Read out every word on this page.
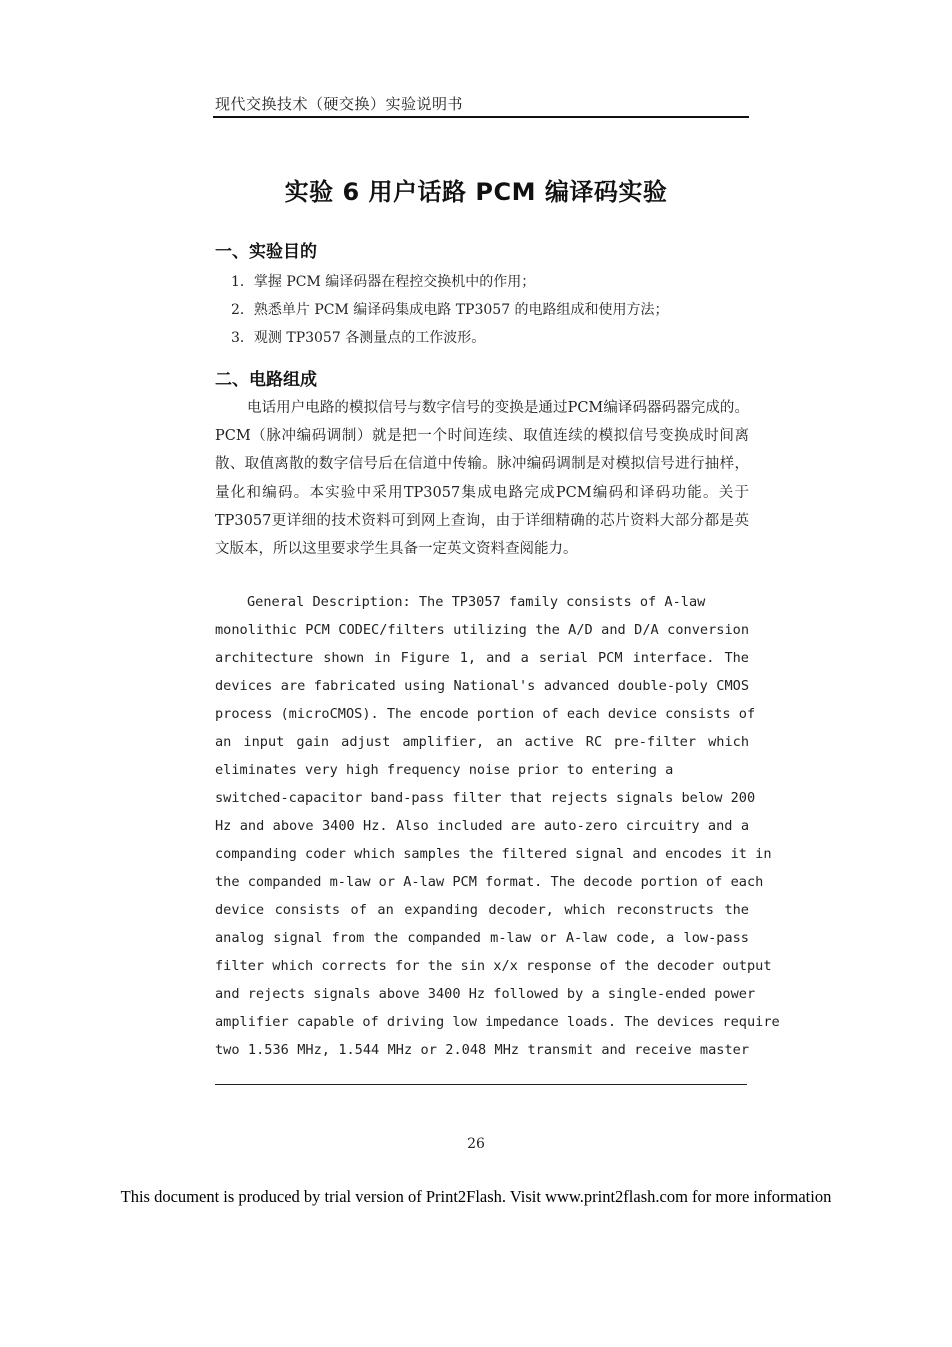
现代交换技术（硬交换）实验说明书
实验 6 用户话路 PCM 编译码实验
一、实验目的
1．掌握 PCM 编译码器在程控交换机中的作用；
2．熟悉单片 PCM 编译码集成电路 TP3057 的电路组成和使用方法；
3．观测 TP3057 各测量点的工作波形。
二、电路组成

电话用户电路的模拟信号与数字信号的变换是通过PCM编译码器码器完成的。PCM（脉冲编码调制）就是把一个时间连续、取值连续的模拟信号变换成时间离散、取值离散的数字信号后在信道中传输。脉冲编码调制是对模拟信号进行抽样，量化和编码。本实验中采用TP3057集成电路完成PCM编码和译码功能。关于TP3057更详细的技术资料可到网上查询，由于详细精确的芯片资料大部分都是英文版本，所以这里要求学生具备一定英文资料查阅能力。

General Description: The TP3057 family consists of A-law
monolithic PCM CODEC/filters utilizing the A/D and D/A conversion
architecture shown in Figure 1, and a serial PCM interface. The
devices are fabricated using National's advanced double-poly CMOS
process (microCMOS). The encode portion of each device consists of
an input gain adjust amplifier, an active RC pre-filter which
eliminates very high frequency noise prior to entering a
switched-capacitor band-pass filter that rejects signals below 200
Hz and above 3400 Hz. Also included are auto-zero circuitry and a
companding coder which samples the filtered signal and encodes it in
the companded m-law or A-law PCM format. The decode portion of each
device consists of an expanding decoder, which reconstructs the
analog signal from the companded m-law or A-law code, a low-pass
filter which corrects for the sin x/x response of the decoder output
and rejects signals above 3400 Hz followed by a single-ended power
amplifier capable of driving low impedance loads. The devices require
two 1.536 MHz, 1.544 MHz or 2.048 MHz transmit and receive master
26
This document is produced by trial version of Print2Flash. Visit www.print2flash.com for more information
